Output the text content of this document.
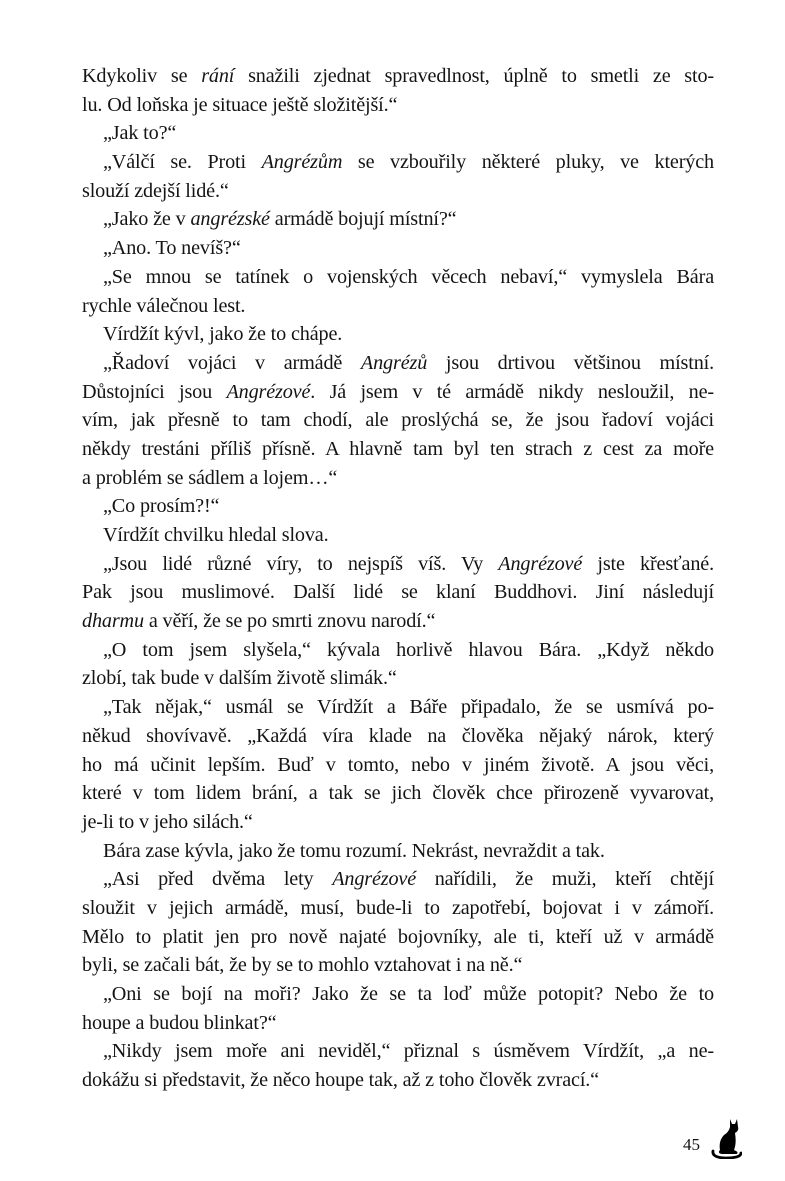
Kdykoliv se rání snažili zjednat spravedlnost, úplně to smetli ze sto-
lu. Od loňska je situace ještě složitější.“
„Jak to?“
„Válčí se. Proti Angrézům se vzbouřily některé pluky, ve kterých
slouží zdejší lidé.“
„Jako že v angrézské armádě bojují místní?“
„Ano. To nevíš?“
„Se mnou se tatínek o vojenských věcech nebaví,“ vymyslela Bára
rychle válečnou lest.
Vírdžít kývl, jako že to chápe.
„Řadoví vojáci v armádě Angrézů jsou drtivou většinou místní.
Důstojníci jsou Angrézové. Já jsem v té armádě nikdy nesloužil, ne-
vím, jak přesně to tam chodí, ale proslýchá se, že jsou řadoví vojáci
někdy trestáni příliš přísně. A hlavně tam byl ten strach z cest za moře
a problém se sádlem a lojem…“
„Co prosím?!“
Vírdžít chvilku hledal slova.
„Jsou lidé různé víry, to nejspíš víš. Vy Angrézové jste křesťané.
Pak jsou muslimové. Další lidé se klaní Buddhovi. Jiní následují
dharmu a věří, že se po smrti znovu narodí.“
„O tom jsem slyšela,“ kývala horlivě hlavou Bára. „Když někdo
zlobí, tak bude v dalším životě slimák.“
„Tak nějak,“ usmál se Vírdžít a Báře připadalo, že se usmívá po-
někud shovívavě. „Každá víra klade na člověka nějaký nárok, který
ho má učinit lepším. Buď v tomto, nebo v jiném životě. A jsou věci,
které v tom lidem brání, a tak se jich člověk chce přirozeně vyvarovat,
je-li to v jeho silách.“
Bára zase kývla, jako že tomu rozumí. Nekrást, nevraždit a tak.
„Asi před dvěma lety Angrézové nařídili, že muži, kteří chtějí
sloužit v jejich armádě, musí, bude-li to zapotřebí, bojovat i v zámoří.
Mělo to platit jen pro nově najaté bojovníky, ale ti, kteří už v armádě
byli, se začali bát, že by se to mohlo vztahovat i na ně.“
„Oni se bojí na moři? Jako že se ta loď může potopit? Nebo že to
houpe a budou blinkat?“
„Nikdy jsem moře ani neviděl,“ přiznal s úsměvem Vírdžít, „a ne-
dokážu si představit, že něco houpe tak, až z toho člověk zvrací.“
45
